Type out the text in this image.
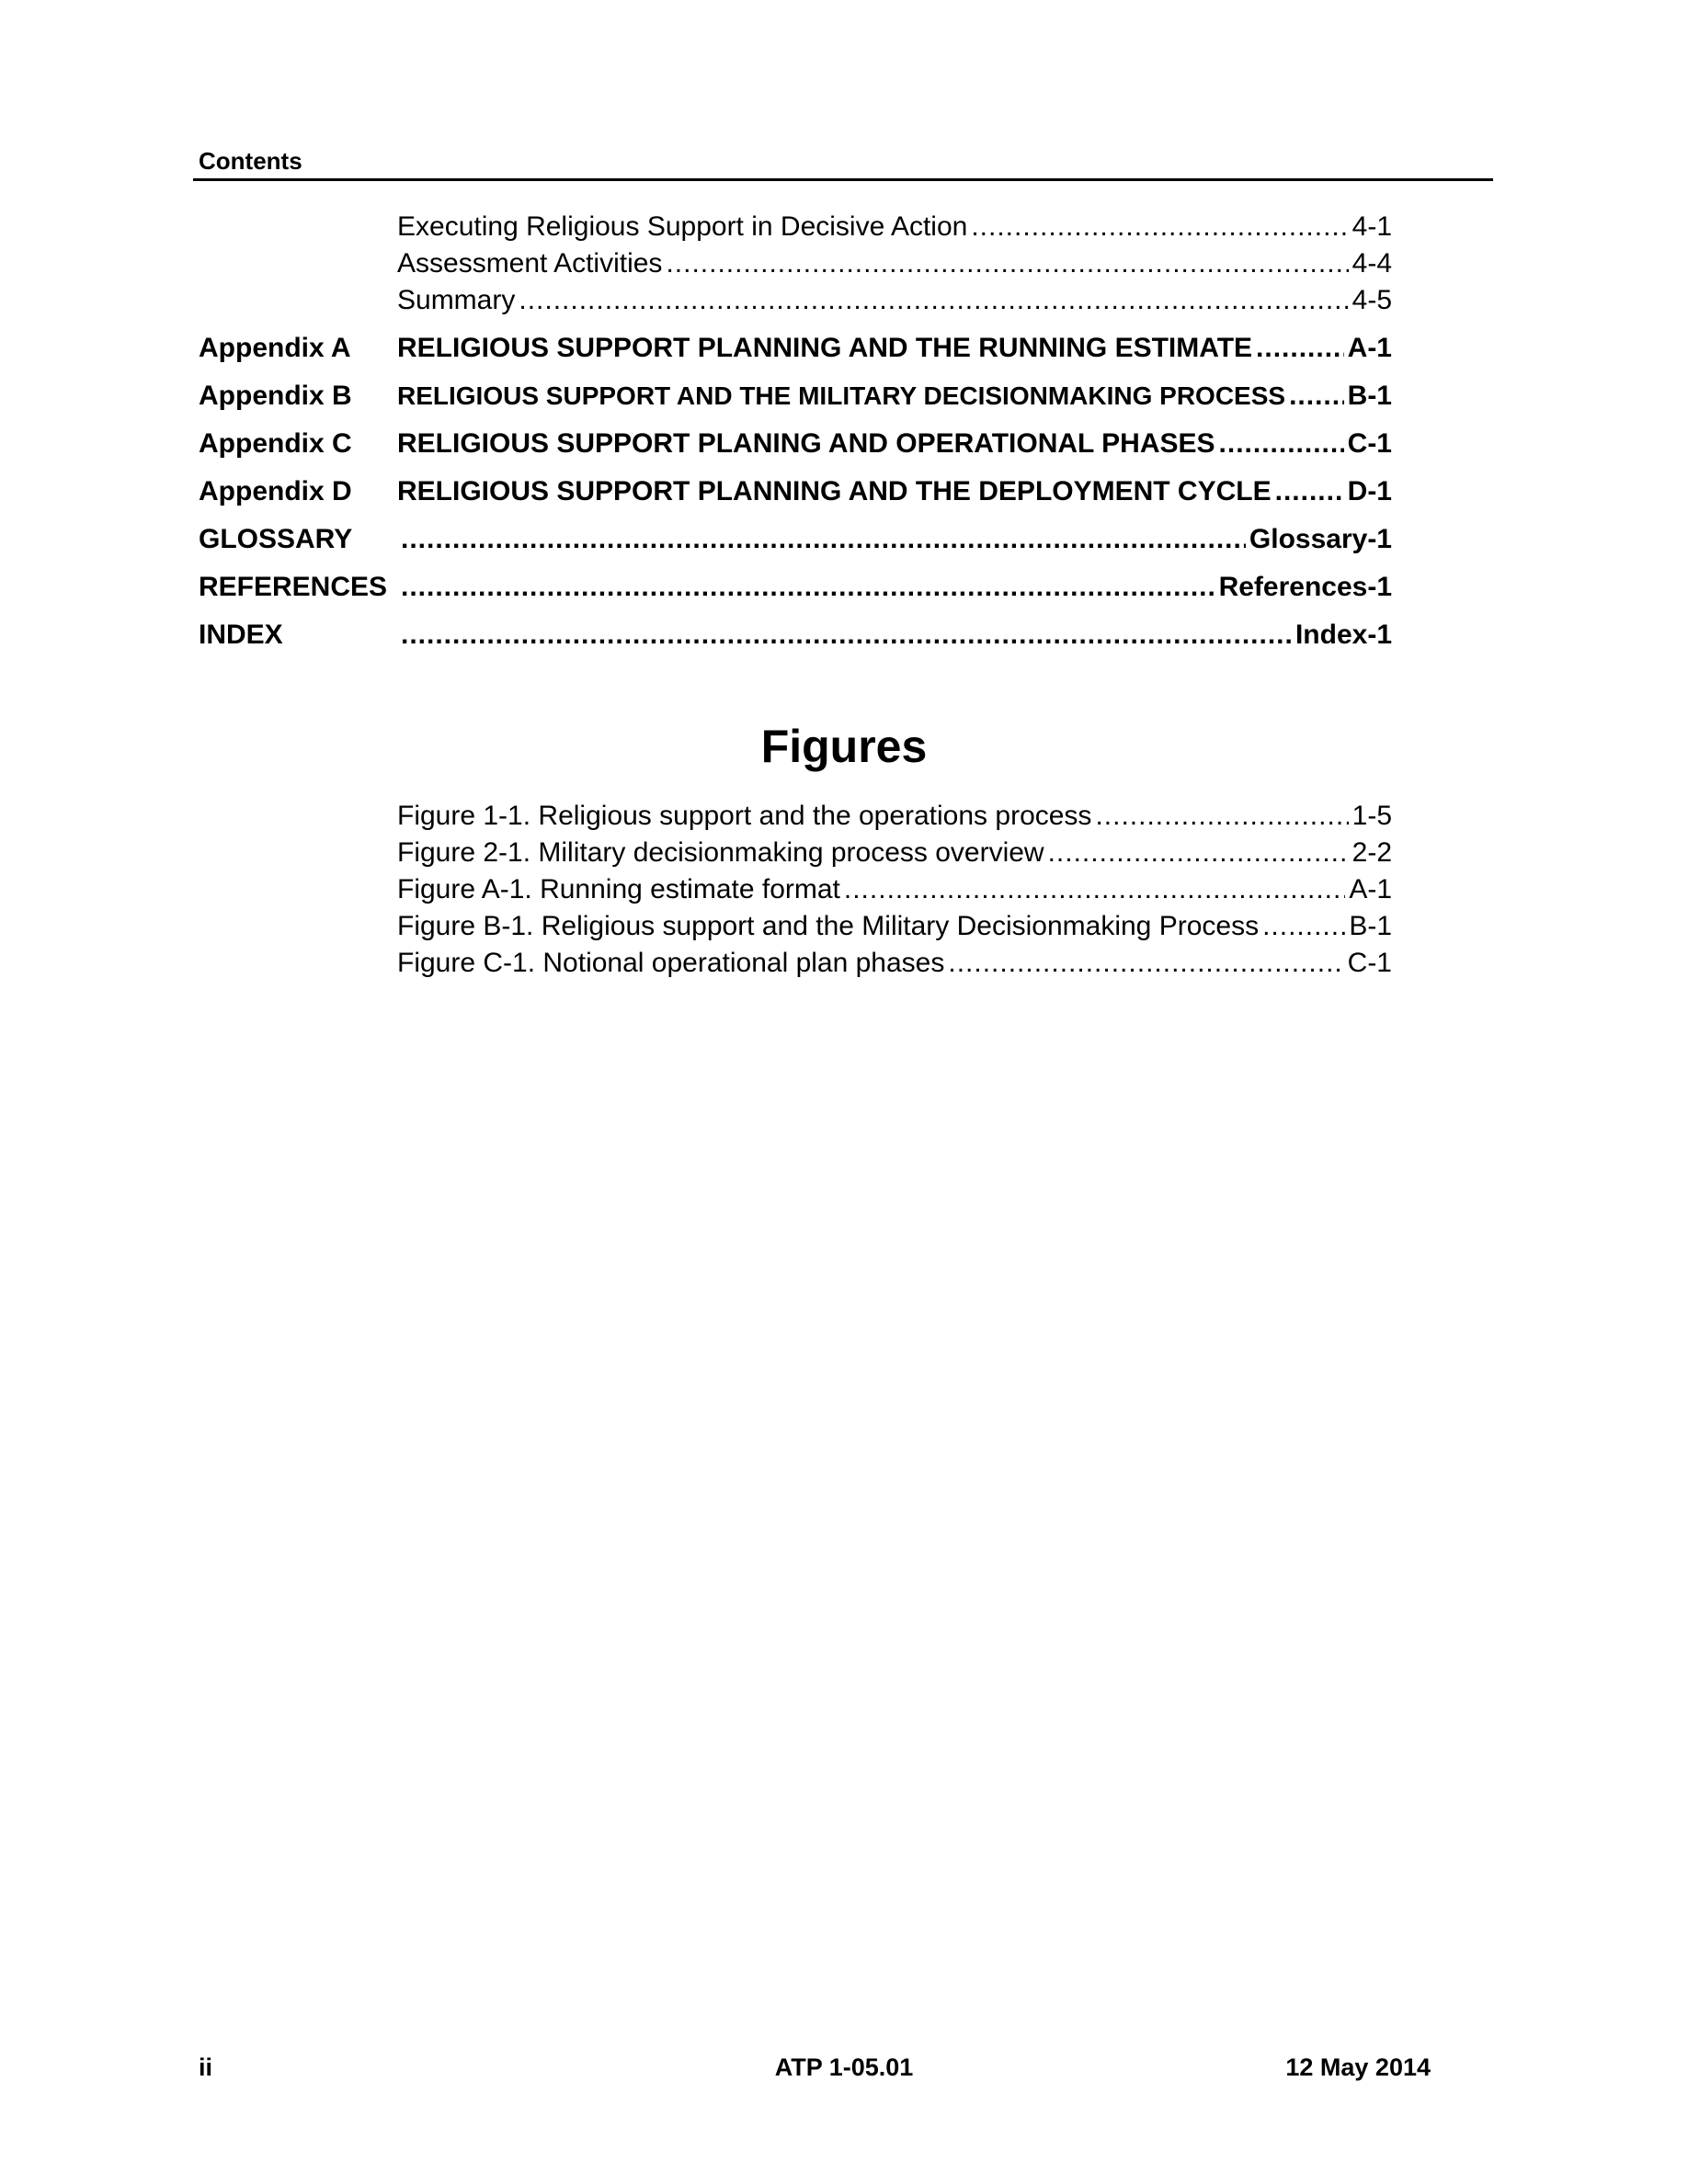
Contents
Executing Religious Support in Decisive Action .....	4-1
Assessment Activities .....	4-4
Summary .....	4-5
Appendix A	RELIGIOUS SUPPORT PLANNING AND THE RUNNING ESTIMATE .....	A-1
Appendix B	RELIGIOUS SUPPORT AND THE MILITARY DECISIONMAKING PROCESS ..... B-1
Appendix C	RELIGIOUS SUPPORT PLANING AND OPERATIONAL PHASES .....	C-1
Appendix D	RELIGIOUS SUPPORT PLANNING AND THE DEPLOYMENT CYCLE .....	D-1
GLOSSARY .....	Glossary-1
REFERENCES .....	References-1
INDEX .....	Index-1
Figures
Figure 1-1. Religious support and the operations process .....	1-5
Figure 2-1. Military decisionmaking process overview .....	2-2
Figure A-1. Running estimate format .....	A-1
Figure B-1. Religious support and the Military Decisionmaking Process .....	B-1
Figure C-1. Notional operational plan phases .....	C-1
ii	ATP 1-05.01	12 May 2014
